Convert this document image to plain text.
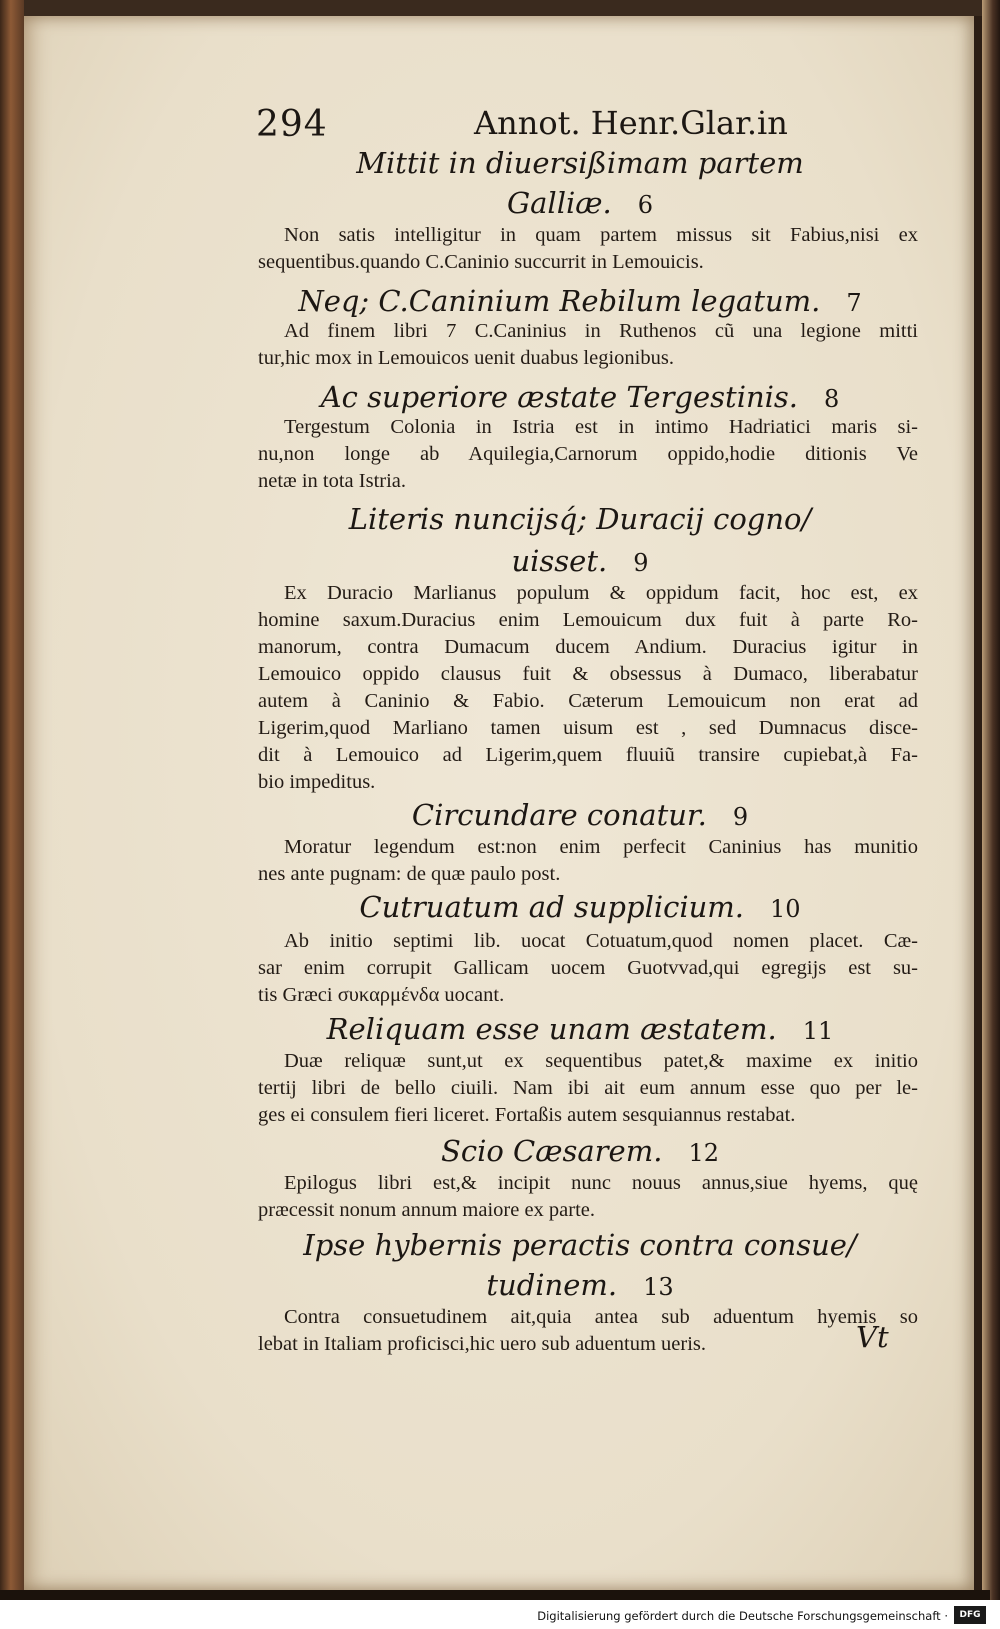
294	Annot. Henr.Glar.in
Mittit in diuersißimam partem
Galliæ. 6
Non satis intelligitur in quam partem missus sit Fabius,nisi ex
sequentibus.quando C.Caninio succurrit in Lemouicis.
Neq; C.Caninium Rebilum legatum. 7
Ad finem libri 7 C.Caninius in Ruthenos cũ una legione mitti
tur,hic mox in Lemouicos uenit duabus legionibus.
Ac superiore æstate Tergestinis. 8
Tergestum Colonia in Istria est in intimo Hadriatici maris si-
nu,non longe ab Aquilegia,Carnorum oppido,hodie ditionis Ve
netæ in tota Istria.
Literis nuncijsq́; Duracij cogno/
uisset. 9
Ex Duracio Marlianus populum & oppidum facit, hoc est, ex
homine saxum.Duracius enim Lemouicum dux fuit à parte Ro-
manorum, contra Dumacum ducem Andium. Duracius igitur in
Lemouico oppido clausus fuit & obsessus à Dumaco, liberabatur
autem à Caninio & Fabio. Cæterum Lemouicum non erat ad
Ligerim,quod Marliano tamen uisum est , sed Dumnacus disce-
dit à Lemouico ad Ligerim,quem fluuiũ transire cupiebat,à Fa-
bio impeditus.
Circundare conatur. 9
Moratur legendum est:non enim perfecit Caninius has munitio
nes ante pugnam: de quæ paulo post.
Cutruatum ad supplicium. 10
Ab initio septimi lib. uocat Cotuatum,quod nomen placet. Cæ-
sar enim corrupit Gallicam uocem Guotvvad,qui egregijs est su-
tis Græci συκαρμένδα uocant.
Reliquam esse unam æstatem. 11
Duæ reliquæ sunt,ut ex sequentibus patet,& maxime ex initio
tertij libri de bello ciuili. Nam ibi ait eum annum esse quo per le-
ges ei consulem fieri liceret. Fortaßis autem sesquiannus restabat.
Scio Cæsarem. 12
Epilogus libri est,& incipit nunc nouus annus,siue hyems, quę
præcessit nonum annum maiore ex parte.
Ipse hybernis peractis contra consue/
tudinem. 13
Contra consuetudinem ait,quia antea sub aduentum hyemis so
lebat in Italiam proficisci,hic uero sub aduentum ueris.	Vt
Digitalisierung gefördert durch die Deutsche Forschungsgemeinschaft ·	DFG
